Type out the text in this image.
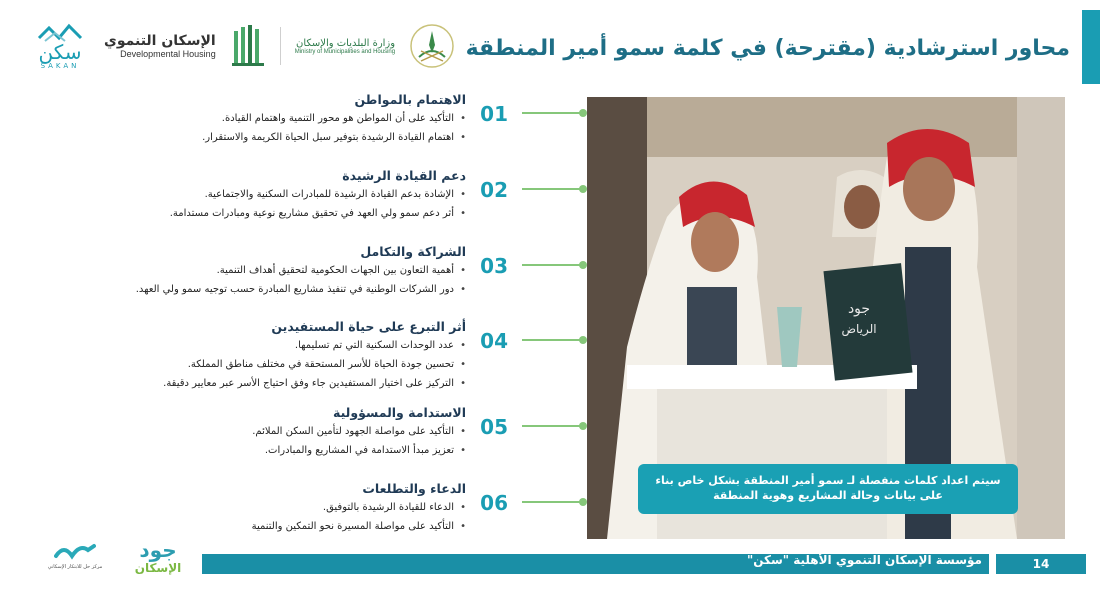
سكن
SAKAN
الإسكان التنموي
Developmental Housing
وزارة البلديات والإسكان
Ministry of Municipalities and Housing	محاور استرشادية (مقترحة) في كلمة سمو أمير المنطقة
الاهتمام بالمواطن
• التأكيد على أن المواطن هو محور التنمية واهتمام القيادة.
• اهتمام القيادة الرشيدة بتوفير سبل الحياة الكريمة والاستقرار.
01
دعم القيادة الرشيدة
• الإشادة بدعم القيادة الرشيدة للمبادرات السكنية والاجتماعية.
• أثر دعم سمو ولي العهد في تحقيق مشاريع نوعية ومبادرات مستدامة.
02
الشراكة والتكامل
• أهمية التعاون بين الجهات الحكومية لتحقيق أهداف التنمية.
• دور الشركات الوطنية في تنفيذ مشاريع المبادرة حسب توجيه سمو ولي العهد.
03
أثر التبرع على حياة المستفيدين
• عدد الوحدات السكنية التي تم تسليمها.
• تحسين جودة الحياة للأسر المستحقة في مختلف مناطق المملكة.
• التركيز على اختيار المستفيدين جاء وفق احتياج الأسر عبر معايير دقيقة.
04
الاستدامة والمسؤولية
• التأكيد على مواصلة الجهود لتأمين السكن الملائم.
• تعزيز مبدأ الاستدامة في المشاريع والمبادرات.
05
الدعاء والتطلعات
• الدعاء للقيادة الرشيدة بالتوفيق.
• التأكيد على مواصلة المسيرة نحو التمكين والتنمية
06
جود
الرياض
سيتم اعداد كلمات منفصلة لـ سمو أمير المنطقة بشكل خاص بناء على بيانات وحالة المشاريع وهوية المنطقة
مركز حل للابتكار الإسكاني
جود
الإسكان
مؤسسة الإسكان التنموي الأهلية "سكن"	14
